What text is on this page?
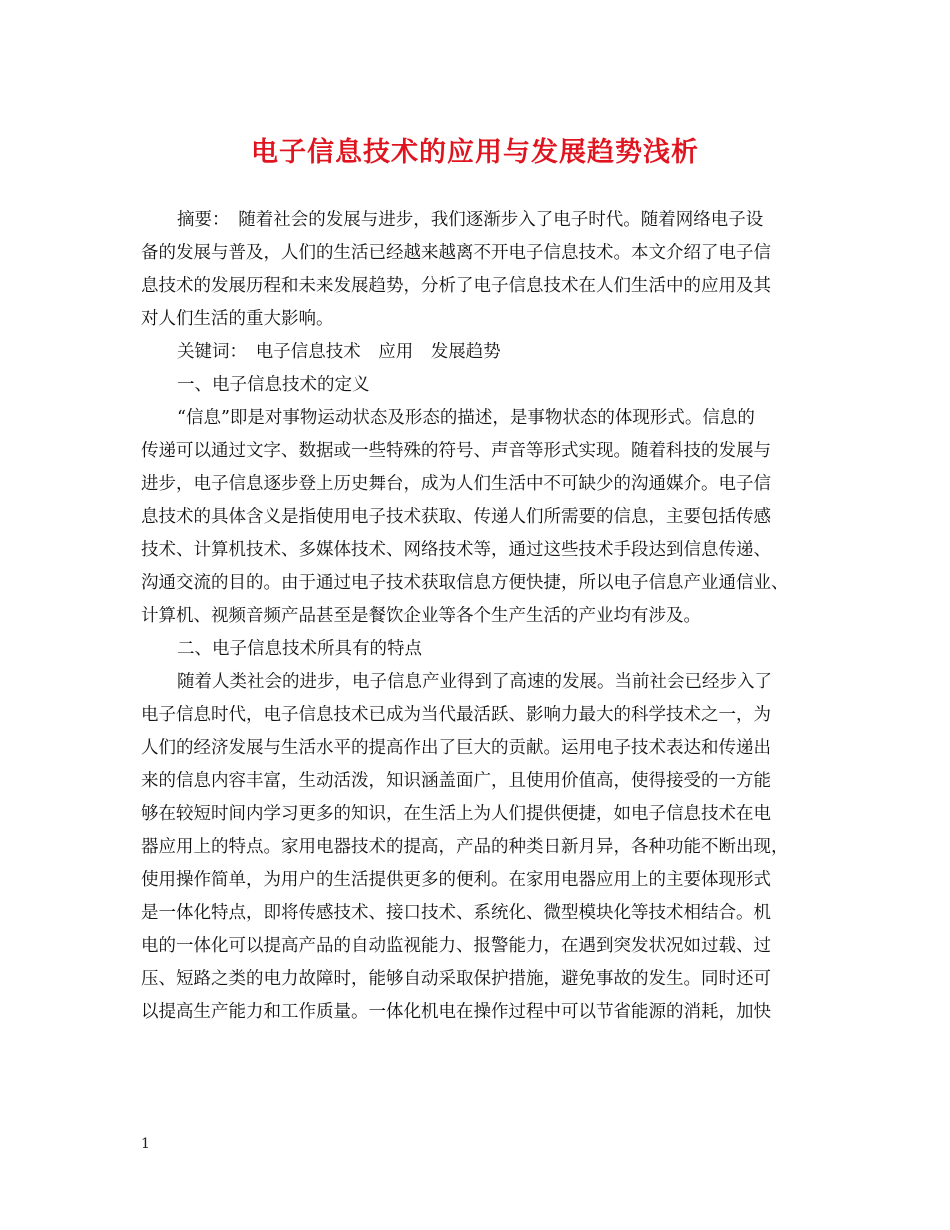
电子信息技术的应用与发展趋势浅析
摘要：　随着社会的发展与进步，我们逐渐步入了电子时代。随着网络电子设
备的发展与普及，人们的生活已经越来越离不开电子信息技术。本文介绍了电子信
息技术的发展历程和未来发展趋势，分析了电子信息技术在人们生活中的应用及其
对人们生活的重大影响。
关键词：　电子信息技术　应用　发展趋势
一、电子信息技术的定义
“信息”即是对事物运动状态及形态的描述，是事物状态的体现形式。信息的
传递可以通过文字、数据或一些特殊的符号、声音等形式实现。随着科技的发展与
进步，电子信息逐步登上历史舞台，成为人们生活中不可缺少的沟通媒介。电子信
息技术的具体含义是指使用电子技术获取、传递人们所需要的信息，主要包括传感
技术、计算机技术、多媒体技术、网络技术等，通过这些技术手段达到信息传递、
沟通交流的目的。由于通过电子技术获取信息方便快捷，所以电子信息产业通信业、
计算机、视频音频产品甚至是餐饮企业等各个生产生活的产业均有涉及。
二、电子信息技术所具有的特点
随着人类社会的进步，电子信息产业得到了高速的发展。当前社会已经步入了
电子信息时代，电子信息技术已成为当代最活跃、影响力最大的科学技术之一，为
人们的经济发展与生活水平的提高作出了巨大的贡献。运用电子技术表达和传递出
来的信息内容丰富，生动活泼，知识涵盖面广，且使用价值高，使得接受的一方能
够在较短时间内学习更多的知识，在生活上为人们提供便捷，如电子信息技术在电
器应用上的特点。家用电器技术的提高，产品的种类日新月异，各种功能不断出现，
使用操作简单，为用户的生活提供更多的便利。在家用电器应用上的主要体现形式
是一体化特点，即将传感技术、接口技术、系统化、微型模块化等技术相结合。机
电的一体化可以提高产品的自动监视能力、报警能力，在遇到突发状况如过载、过
压、短路之类的电力故障时，能够自动采取保护措施，避免事故的发生。同时还可
以提高生产能力和工作质量。一体化机电在操作过程中可以节省能源的消耗，加快
1
